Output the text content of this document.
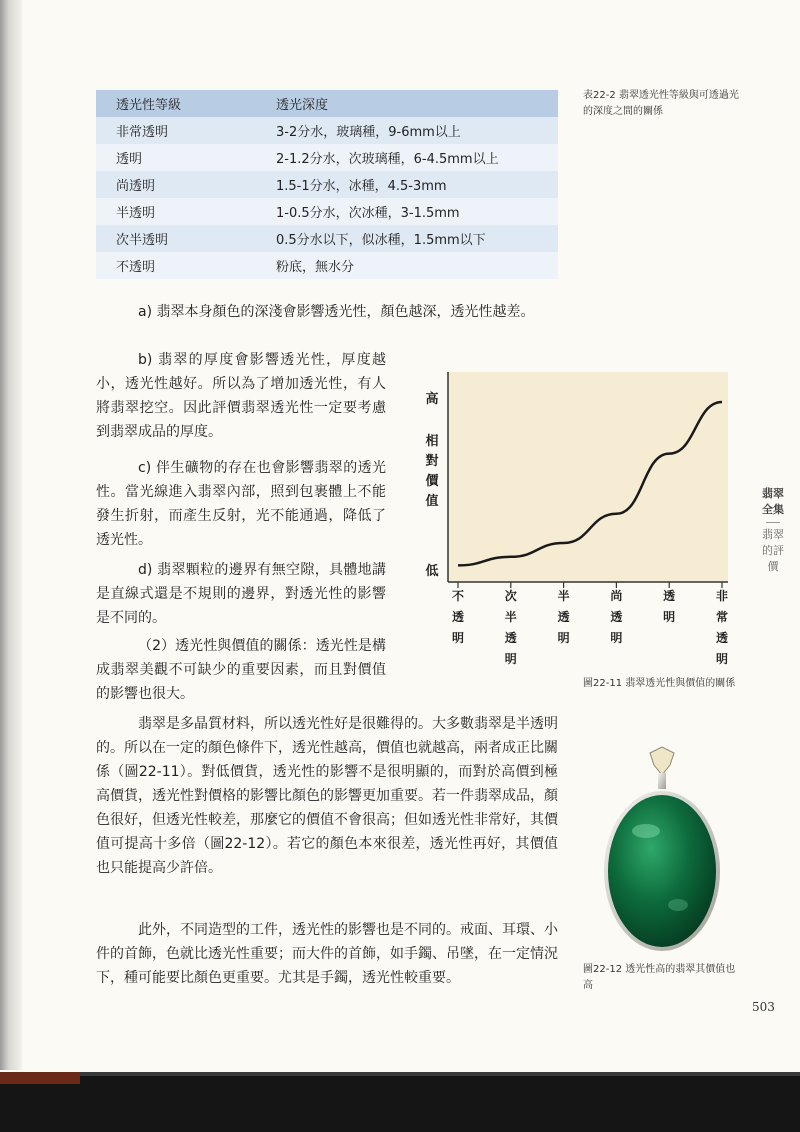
透光性等級	透光深度
非常透明	3-2分水，玻璃種，9-6mm以上
透明	2-1.2分水，次玻璃種，6-4.5mm以上
尚透明	1.5-1分水，冰種，4.5-3mm
半透明	1-0.5分水，次冰種，3-1.5mm
次半透明	0.5分水以下，似冰種，1.5mm以下
不透明	粉底，無水分
表22-2 翡翠透光性等級與可透過光的深度之間的關係
a) 翡翠本身顏色的深淺會影響透光性，顏色越深，透光性越差。
b) 翡翠的厚度會影響透光性，厚度越小，透光性越好。所以為了增加透光性，有人將翡翠挖空。因此評價翡翠透光性一定要考慮到翡翠成品的厚度。
c) 伴生礦物的存在也會影響翡翠的透光性。當光線進入翡翠內部，照到包裹體上不能發生折射，而產生反射，光不能通過，降低了透光性。
d) 翡翠顆粒的邊界有無空隙，具體地講是直線式還是不規則的邊界，對透光性的影響是不同的。
（2）透光性與價值的關係：透光性是構成翡翠美觀不可缺少的重要因素，而且對價值的影響也很大。
翡翠是多晶質材料，所以透光性好是很難得的。大多數翡翠是半透明的。所以在一定的顏色條件下，透光性越高，價值也就越高，兩者成正比關係（圖22-11）。對低價貨，透光性的影響不是很明顯的，而對於高價到極高價貨，透光性對價格的影響比顏色的影響更加重要。若一件翡翠成品，顏色很好，但透光性較差，那麼它的價值不會很高；但如透光性非常好，其價值可提高十多倍（圖22-12）。若它的顏色本來很差，透光性再好，其價值也只能提高少許倍。
此外，不同造型的工件，透光性的影響也是不同的。戒面、耳環、小件的首飾，色就比透光性重要；而大件的首飾，如手鐲、吊墜，在一定情況下，種可能要比顏色更重要。尤其是手鐲，透光性較重要。
高
相對價值
低
不透明
次半透明
半透明
尚透明
透明
非常透明
圖22-11 翡翠透光性與價值的關係
圖22-12 透光性高的翡翠其價值也高
翡翠全集
翡翠的評價
503
